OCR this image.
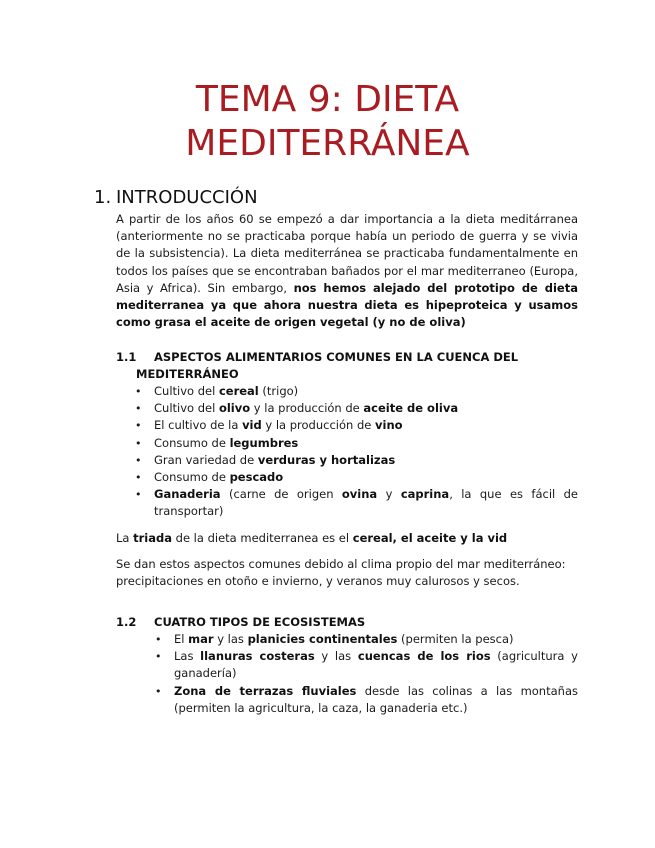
TEMA 9: DIETA
MEDITERRÁNEA
1. INTRODUCCIÓN
A partir de los años 60 se empezó a dar importancia a la dieta meditárranea (anteriormente no se practicaba porque había un periodo de guerra y se vivia de la subsistencia). La dieta mediterránea se practicaba fundamentalmente en todos los países que se encontraban bañados por el mar mediterraneo (Europa, Asia y Africa). Sin embargo, nos hemos alejado del prototipo de dieta mediterranea ya que ahora nuestra dieta es hipeproteica y usamos como grasa el aceite de origen vegetal (y no de oliva)
1.1 ASPECTOS ALIMENTARIOS COMUNES EN LA CUENCA DEL
MEDITERRÁNEO
•	Cultivo del cereal (trigo)
•	Cultivo del olivo y la producción de aceite de oliva
•	El cultivo de la vid y la producción de vino
•	Consumo de legumbres
•	Gran variedad de verduras y hortalizas
•	Consumo de pescado
•	Ganaderia (carne de origen ovina y caprina, la que es fácil de transportar)
La triada de la dieta mediterranea es el cereal, el aceite y la vid
Se dan estos aspectos comunes debido al clima propio del mar mediterráneo: precipitaciones en otoño e invierno, y veranos muy calurosos y secos.
1.2 CUATRO TIPOS DE ECOSISTEMAS
•	El mar y las planicies continentales (permiten la pesca)
•	Las llanuras costeras y las cuencas de los rios (agricultura y ganadería)
•	Zona de terrazas fluviales desde las colinas a las montañas (permiten la agricultura, la caza, la ganaderia etc.)
